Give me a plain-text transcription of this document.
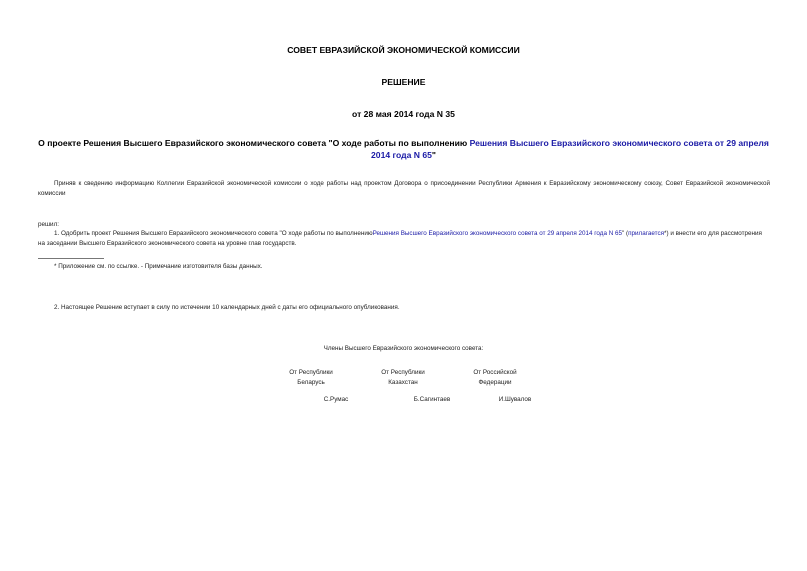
СОВЕТ ЕВРАЗИЙСКОЙ ЭКОНОМИЧЕСКОЙ КОМИССИИ
РЕШЕНИЕ
от 28 мая 2014 года N 35
О проекте Решения Высшего Евразийского экономического совета "О ходе работы по выполнению Решения Высшего Евразийского экономического совета от 29 апреля 2014 года N 65"
Приняв к сведению информацию Коллегии Евразийской экономической комиссии о ходе работы над проектом Договора о присоединении Республики Армения к Евразийскому экономическому союзу, Совет Евразийской экономической комиссии
решил:
1. Одобрить проект Решения Высшего Евразийского экономического совета "О ходе работы по выполнениюРешения Высшего Евразийского экономического совета от 29 апреля 2014 года N 65" (прилагается*) и внести его для рассмотрения на заседании Высшего Евразийского экономического совета на уровне глав государств.
* Приложение см. по ссылке. - Примечание изготовителя базы данных.
2. Настоящее Решение вступает в силу по истечении 10 календарных дней с даты его официального опубликования.
Члены Высшего Евразийского экономического совета:
От Республики
Беларусь
От Республики
Казахстан
От Российской
Федерации
С.Румас	Б.Сагинтаев	И.Шувалов
